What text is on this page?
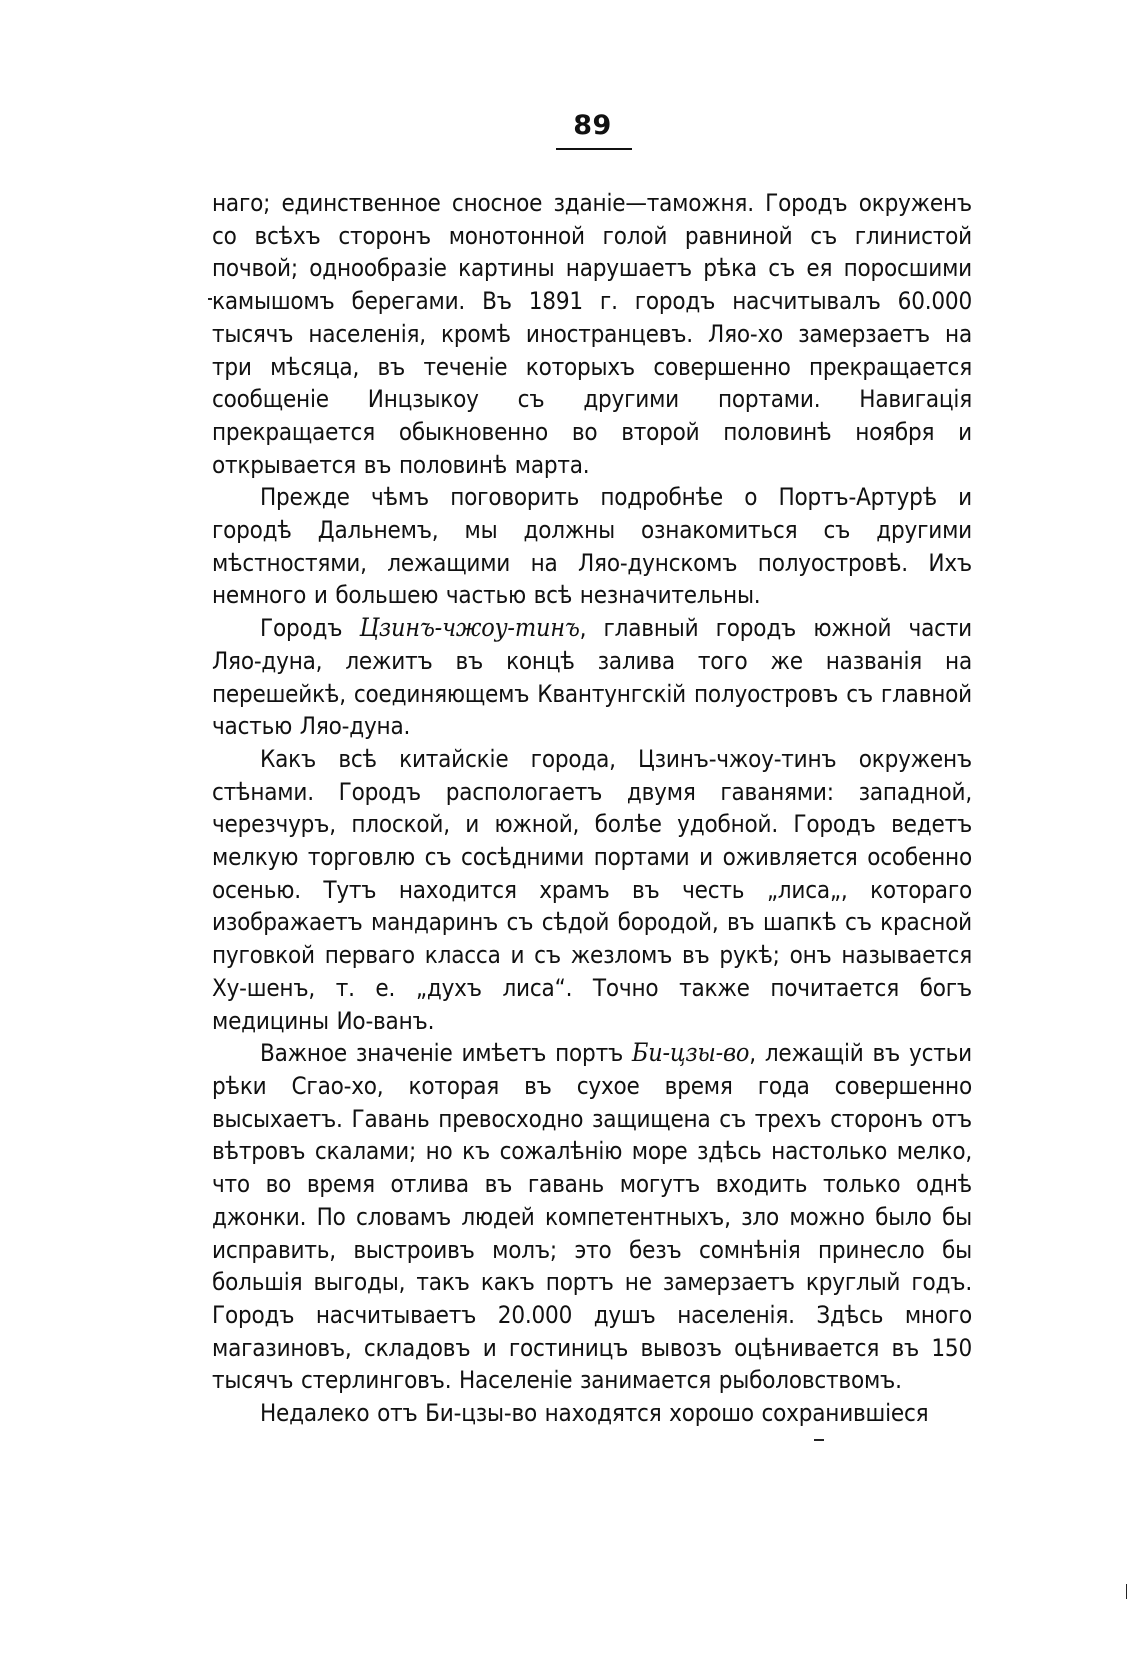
89

наго; единственное сносное зданіе—таможня. Городъ окруженъ со всѣхъ сторонъ монотонной голой равниной съ глинистой почвой; однообразіе картины нарушаетъ рѣка съ ея поросшими камышомъ берегами. Въ 1891 г. городъ насчитывалъ 60.000 тысячъ населенія, кромѣ иностранцевъ. Ляо-хо замерзаетъ на три мѣсяца, въ теченіе которыхъ совершенно прекращается сообщеніе Инцзыкоу съ другими портами. Навигація прекращается обыкновенно во второй половинѣ ноября и открывается въ половинѣ марта.

Прежде чѣмъ поговорить подробнѣе о Портъ-Артурѣ и городѣ Дальнемъ, мы должны ознакомиться съ другими мѣстностями, лежащими на Ляо-дунскомъ полуостровѣ. Ихъ немного и большею частью всѣ незначительны.

Городъ Цзинъ-чжоу-тинъ, главный городъ южной части Ляо-дуна, лежитъ въ концѣ залива того же названія на перешейкѣ, соединяющемъ Квантунгскій полуостровъ съ главной частью Ляо-дуна.

Какъ всѣ китайскіе города, Цзинъ-чжоу-тинъ окруженъ стѣнами. Городъ распологаетъ двумя гаванями: западной, черезчуръ, плоской, и южной, болѣе удобной. Городъ ведетъ мелкую торговлю съ сосѣдними портами и оживляется особенно осенью. Тутъ находится храмъ въ честь „лиса„, котораго изображаетъ мандаринъ съ сѣдой бородой, въ шапкѣ съ красной пуговкой перваго класса и съ жезломъ въ рукѣ; онъ называется Ху-шенъ, т. е. „духъ лиса“. Точно также почитается богъ медицины Ио-ванъ.

Важное значеніе имѣетъ портъ Би-цзы-во, лежащій въ устьи рѣки Сгао-хо, которая въ сухое время года совершенно высыхаетъ. Гавань превосходно защищена съ трехъ сторонъ отъ вѣтровъ скалами; но къ сожалѣнію море здѣсь настолько мелко, что во время отлива въ гавань могутъ входить только однѣ джонки. По словамъ людей компетентныхъ, зло можно было бы исправить, выстроивъ молъ; это безъ сомнѣнія принесло бы большія выгоды, такъ какъ портъ не замерзаетъ круглый годъ. Городъ насчитываетъ 20.000 душъ населенія. Здѣсь много магазиновъ, складовъ и гостиницъ вывозъ оцѣнивается въ 150 тысячъ стерлинговъ. Населеніе занимается рыболовствомъ.

Недалеко отъ Би-цзы-во находятся хорошо сохранившіеся
